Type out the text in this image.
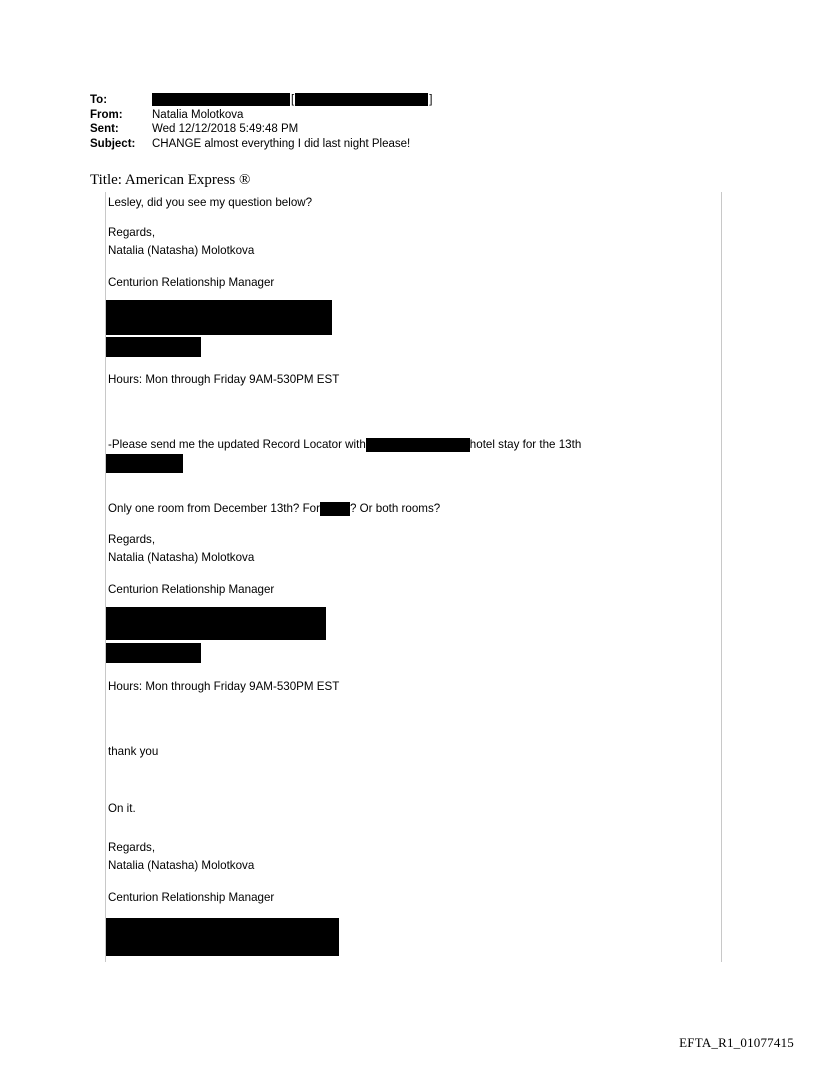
To:	[	]
From:	Natalia Molotkova
Sent:	Wed 12/12/2018 5:49:48 PM
Subject:	CHANGE almost everything I did last night Please!
Title: American Express ®
Lesley, did you see my question below?
Regards,
Natalia (Natasha) Molotkova
Centurion Relationship Manager
Hours: Mon through Friday 9AM-530PM EST
-Please send me the updated Record Locator with	hotel stay for the 13th
Only one room from December 13th? For	? Or both rooms?
Regards,
Natalia (Natasha) Molotkova
Centurion Relationship Manager
Hours: Mon through Friday 9AM-530PM EST
thank you
On it.
Regards,
Natalia (Natasha) Molotkova
Centurion Relationship Manager
EFTA_R1_01077415
